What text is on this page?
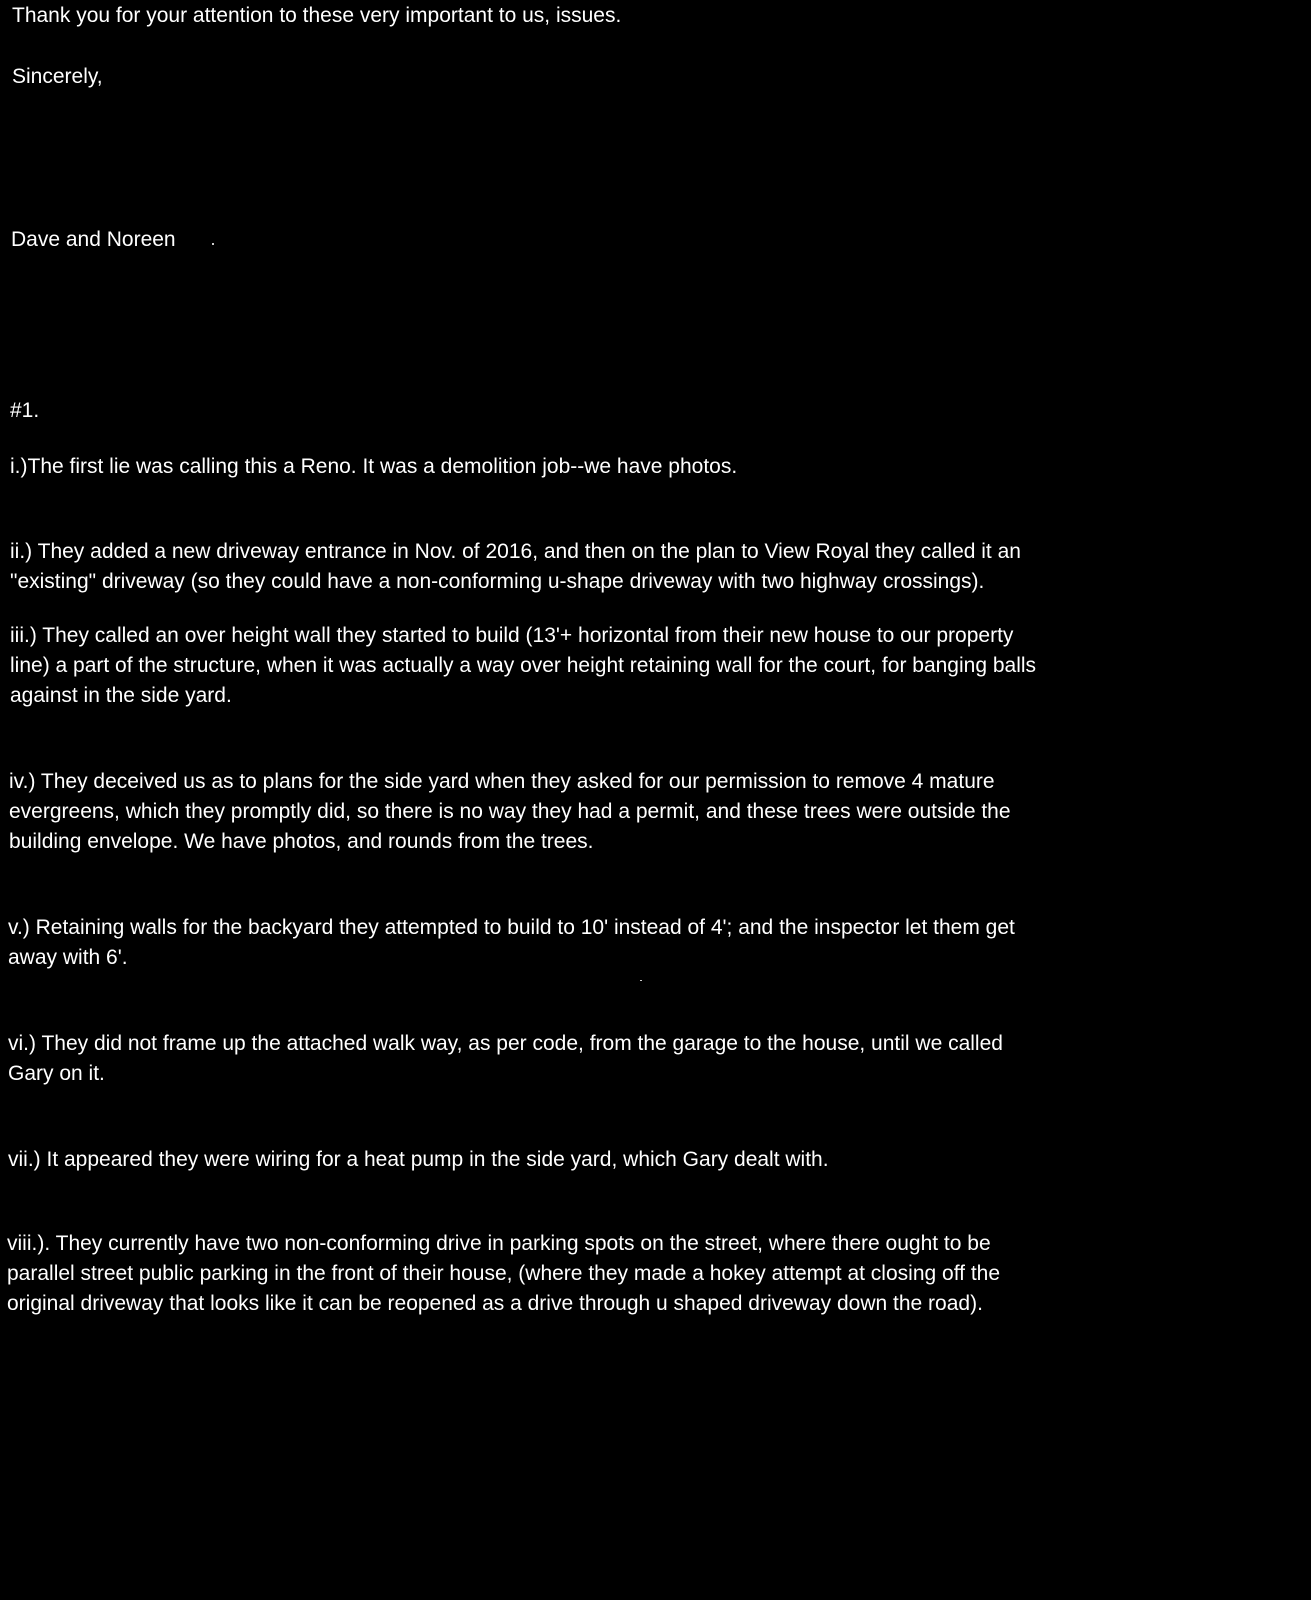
Thank you for your attention to these very important to us, issues.
Sincerely,
Dave and Noreen
#1.

i.)The first lie was calling this a Reno. It was a demolition job--we have photos.

ii.) They added a new driveway entrance in Nov. of 2016, and then on the plan to View Royal they called it an

"existing" driveway (so they could have a non-conforming u-shape driveway with two highway crossings).

iii.) They called an over height wall they started to build (13'+ horizontal from their new house to our property

line) a part of the structure, when it was actually a way over height retaining wall for the court, for banging balls

against in the side yard.

iv.) They deceived us as to plans for the side yard when they asked for our permission to remove 4 mature

evergreens, which they promptly did, so there is no way they had a permit, and these trees were outside the

building envelope. We have photos, and rounds from the trees.

v.) Retaining walls for the backyard they attempted to build to 10' instead of 4'; and the inspector let them get

away with 6'.

vi.) They did not frame up the attached walk way, as per code, from the garage to the house, until we called

Gary on it.

vii.) It appeared they were wiring for a heat pump in the side yard, which Gary dealt with.

viii.). They currently have two non-conforming drive in parking spots on the street, where there ought to be

parallel street public parking in the front of their house, (where they made a hokey attempt at closing off the

original driveway that looks like it can be reopened as a drive through u shaped driveway down the road).
